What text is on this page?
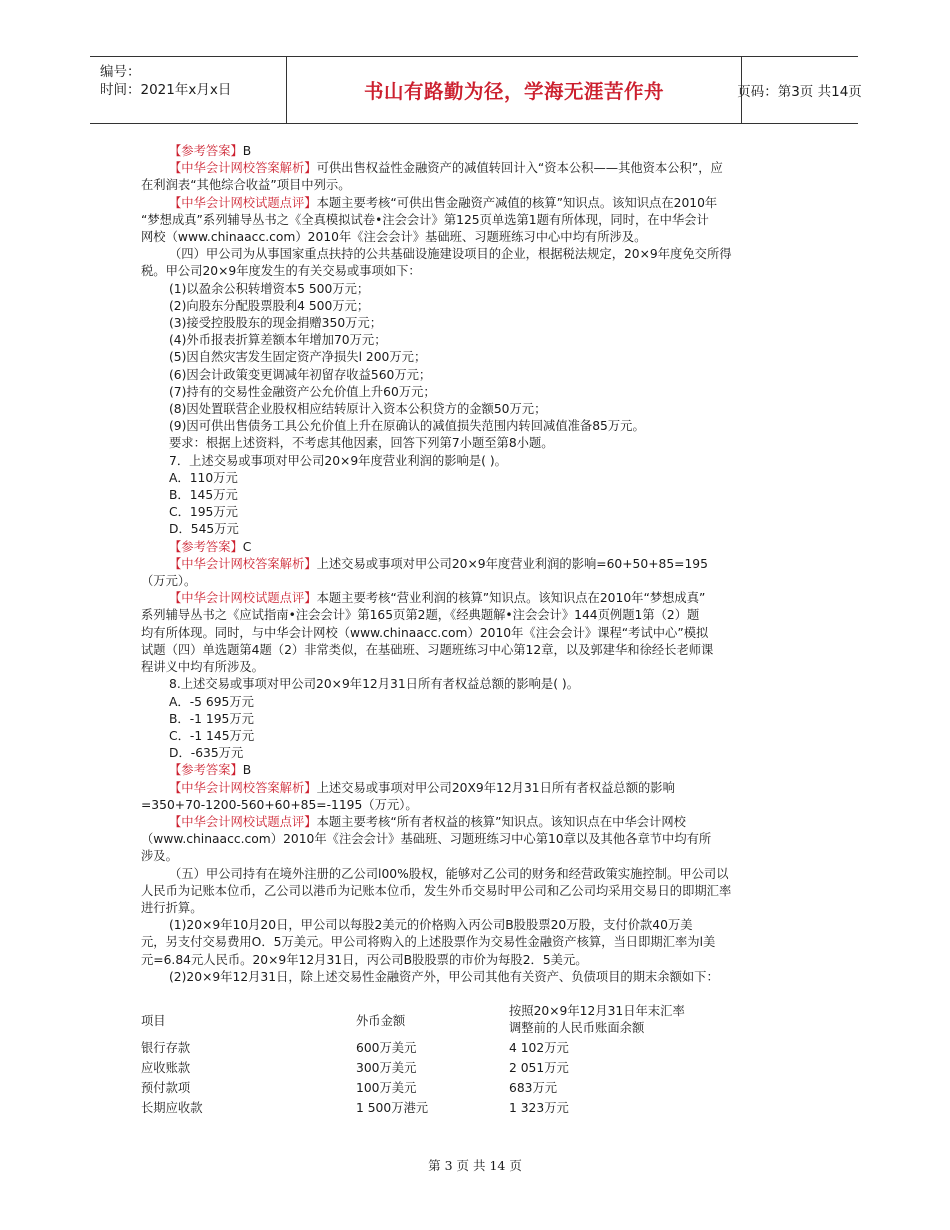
编号：
时间：2021年x月x日	书山有路勤为径，学海无涯苦作舟	页码：第3页 共14页

【参考答案】B

【中华会计网校答案解析】可供出售权益性金融资产的减值转回计入“资本公积——其他资本公积”，应

在利润表“其他综合收益”项目中列示。

【中华会计网校试题点评】本题主要考核“可供出售金融资产减值的核算”知识点。该知识点在2010年

“梦想成真”系列辅导丛书之《全真模拟试卷•注会会计》第125页单选第1题有所体现，同时，在中华会计

网校（www.chinaacc.com）2010年《注会会计》基础班、习题班练习中心中均有所涉及。

（四）甲公司为从事国家重点扶持的公共基础设施建设项目的企业，根据税法规定，20×9年度免交所得

税。甲公司20×9年度发生的有关交易或事项如下：

(1)以盈余公积转增资本5 500万元；

(2)向股东分配股票股利4 500万元；

(3)接受控股股东的现金捐赠350万元；

(4)外币报表折算差额本年增加70万元；

(5)因自然灾害发生固定资产净损失l 200万元；

(6)因会计政策变更调减年初留存收益560万元；

(7)持有的交易性金融资产公允价值上升60万元；

(8)因处置联营企业股权相应结转原计入资本公积贷方的金额50万元；

(9)因可供出售债务工具公允价值上升在原确认的减值损失范围内转回减值准备85万元。

要求：根据上述资料，不考虑其他因素，回答下列第7小题至第8小题。

7．上述交易或事项对甲公司20×9年度营业利润的影响是( )。

A．110万元

B．145万元

C．195万元

D．545万元

【参考答案】C

【中华会计网校答案解析】上述交易或事项对甲公司20×9年度营业利润的影响=60+50+85=195

（万元）。

【中华会计网校试题点评】本题主要考核“营业利润的核算”知识点。该知识点在2010年“梦想成真”

系列辅导丛书之《应试指南•注会会计》第165页第2题，《经典题解•注会会计》144页例题1第（2）题

均有所体现。同时，与中华会计网校（www.chinaacc.com）2010年《注会会计》课程“考试中心”模拟

试题（四）单选题第4题（2）非常类似，在基础班、习题班练习中心第12章，以及郭建华和徐经长老师课

程讲义中均有所涉及。

8.上述交易或事项对甲公司20×9年12月31日所有者权益总额的影响是( )。

A．-5 695万元

B．-1 195万元

C．-1 145万元

D．-635万元

【参考答案】B

【中华会计网校答案解析】上述交易或事项对甲公司20X9年12月31日所有者权益总额的影响

=350+70-1200-560+60+85=-1195（万元）。

【中华会计网校试题点评】本题主要考核“所有者权益的核算”知识点。该知识点在中华会计网校

（www.chinaacc.com）2010年《注会会计》基础班、习题班练习中心第10章以及其他各章节中均有所

涉及。

（五）甲公司持有在境外注册的乙公司l00%股权，能够对乙公司的财务和经营政策实施控制。甲公司以

人民币为记账本位币，乙公司以港币为记账本位币，发生外币交易时甲公司和乙公司均采用交易日的即期汇率

进行折算。

(1)20×9年10月20日，甲公司以每股2美元的价格购入丙公司B股股票20万股，支付价款40万美

元，另支付交易费用O．5万美元。甲公司将购入的上述股票作为交易性金融资产核算，当日即期汇率为l美

元=6.84元人民币。20×9年12月31日，丙公司B股股票的市价为每股2．5美元。

(2)20×9年12月31日，除上述交易性金融资产外，甲公司其他有关资产、负债项目的期末余额如下：

项目	外币金额
按照20×9年12月31日年末汇率
调整前的人民币账面余额
银行存款	600万美元	4 102万元
应收账款	300万美元	2 051万元
预付款项	100万美元	683万元
长期应收款	1 500万港元	1 323万元
第 3 页 共 14 页
